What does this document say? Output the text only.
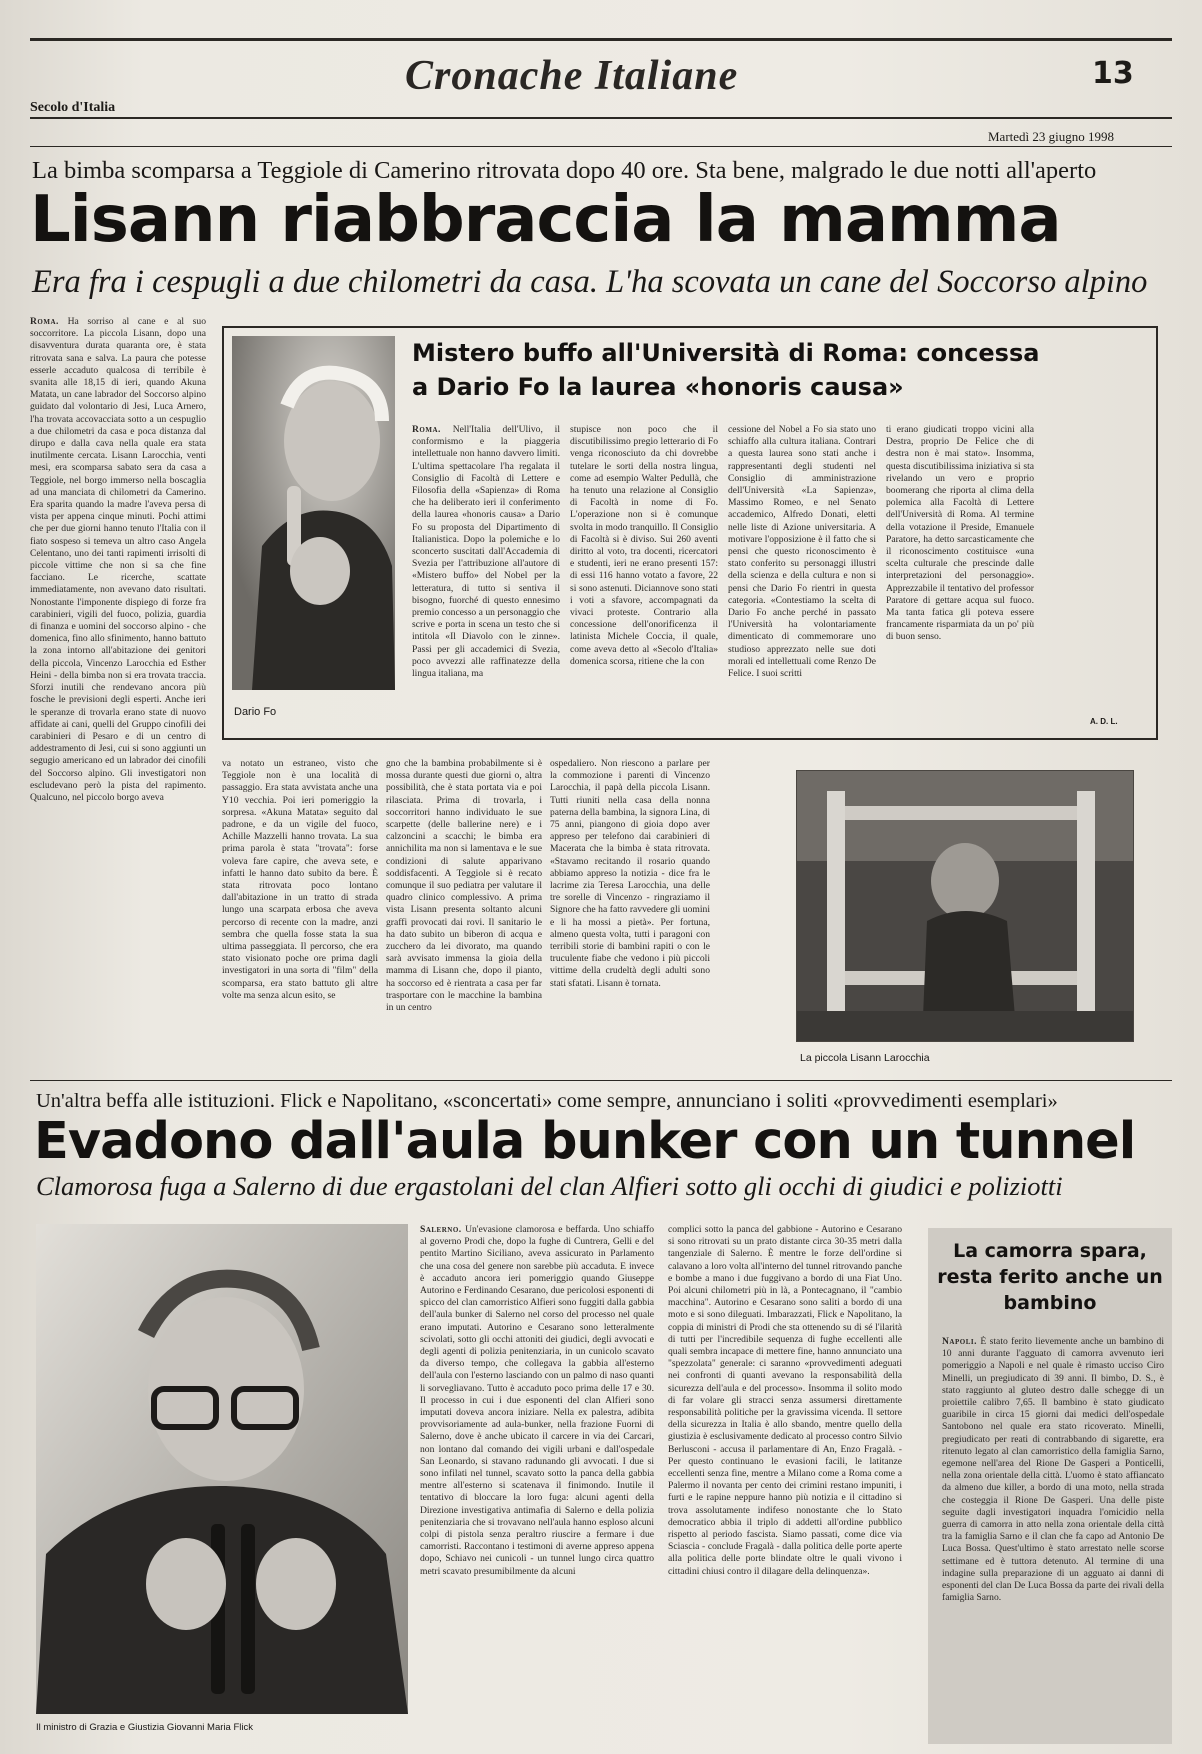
Cronache Italiane
Secolo d'Italia
13
Martedì 23 giugno 1998
La bimba scomparsa a Teggiole di Camerino ritrovata dopo 40 ore. Sta bene, malgrado le due notti all'aperto
Lisann riabbraccia la mamma
Era fra i cespugli a due chilometri da casa. L'ha scovata un cane del Soccorso alpino
Roma. Ha sorriso al cane e al suo soccorritore. La piccola Lisann, dopo una disavventura durata quaranta ore, è stata ritrovata sana e salva. La paura che potesse esserle accaduto qualcosa di terribile è svanita alle 18,15 di ieri, quando Akuna Matata, un cane labrador del Soccorso alpino guidato dal volontario di Jesi, Luca Arnero, l'ha trovata accovacciata sotto a un cespuglio a due chilometri da casa e poca distanza dal dirupo e dalla cava nella quale era stata inutilmente cercata. Lisann Larocchia, venti mesi, era scomparsa sabato sera da casa a Teggiole, nel borgo immerso nella boscaglia ad una manciata di chilometri da Camerino. Era sparita quando la madre l'aveva persa di vista per appena cinque minuti. Pochi attimi che per due giorni hanno tenuto l'Italia con il fiato sospeso si temeva un altro caso Angela Celentano, uno dei tanti rapimenti irrisolti di piccole vittime che non si sa che fine facciano. Le ricerche, scattate immediatamente, non avevano dato risultati. Nonostante l'imponente dispiego di forze fra carabinieri, vigili del fuoco, polizia, guardia di finanza e uomini del soccorso alpino - che domenica, fino allo sfinimento, hanno battuto la zona intorno all'abitazione dei genitori della piccola, Vincenzo Larocchia ed Esther Heini - della bimba non si era trovata traccia. Sforzi inutili che rendevano ancora più fosche le previsioni degli esperti. Anche ieri le speranze di trovarla erano state di nuovo affidate ai cani, quelli del Gruppo cinofili dei carabinieri di Pesaro e di un centro di addestramento di Jesi, cui si sono aggiunti un segugio americano ed un labrador dei cinofili del Soccorso alpino. Gli investigatori non escludevano però la pista del rapimento. Qualcuno, nel piccolo borgo aveva
Dario Fo
Mistero buffo all'Università di Roma: concessa a Dario Fo la laurea «honoris causa»
Roma. Nell'Italia dell'Ulivo, il conformismo e la piaggeria intellettuale non hanno davvero limiti. L'ultima spettacolare l'ha regalata il Consiglio di Facoltà di Lettere e Filosofia della «Sapienza» di Roma che ha deliberato ieri il conferimento della laurea «honoris causa» a Dario Fo su proposta del Dipartimento di Italianistica. Dopo la polemiche e lo sconcerto suscitati dall'Accademia di Svezia per l'attribuzione all'autore di «Mistero buffo» del Nobel per la letteratura, di tutto si sentiva il bisogno, fuorché di questo ennesimo premio concesso a un personaggio che scrive e porta in scena un testo che si intitola «Il Diavolo con le zinne». Passi per gli accademici di Svezia, poco avvezzi alle raffinatezze della lingua italiana, ma
stupisce non poco che il discutibilissimo pregio letterario di Fo venga riconosciuto da chi dovrebbe tutelare le sorti della nostra lingua, come ad esempio Walter Pedullà, che ha tenuto una relazione al Consiglio di Facoltà in nome di Fo. L'operazione non si è comunque svolta in modo tranquillo. Il Consiglio di Facoltà si è diviso. Sui 260 aventi diritto al voto, tra docenti, ricercatori e studenti, ieri ne erano presenti 157: di essi 116 hanno votato a favore, 22 si sono astenuti. Diciannove sono stati i voti a sfavore, accompagnati da vivaci proteste. Contrario alla concessione dell'onorificenza il latinista Michele Coccia, il quale, come aveva detto al «Secolo d'Italia» domenica scorsa, ritiene che la con
cessione del Nobel a Fo sia stato uno schiaffo alla cultura italiana. Contrari a questa laurea sono stati anche i rappresentanti degli studenti nel Consiglio di amministrazione dell'Università «La Sapienza», Massimo Romeo, e nel Senato accademico, Alfredo Donati, eletti nelle liste di Azione universitaria. A motivare l'opposizione è il fatto che si pensi che questo riconoscimento è stato conferito su personaggi illustri della scienza e della cultura e non si pensi che Dario Fo rientri in questa categoria. «Contestiamo la scelta di Dario Fo anche perché in passato l'Università ha volontariamente dimenticato di commemorare uno studioso apprezzato nelle sue doti morali ed intellettuali come Renzo De Felice. I suoi scritti
ti erano giudicati troppo vicini alla Destra, proprio De Felice che di destra non è mai stato». Insomma, questa discutibilissima iniziativa si sta rivelando un vero e proprio boomerang che riporta al clima della polemica alla Facoltà di Lettere dell'Università di Roma. Al termine della votazione il Preside, Emanuele Paratore, ha detto sarcasticamente che il riconoscimento costituisce «una scelta culturale che prescinde dalle interpretazioni del personaggio». Apprezzabile il tentativo del professor Paratore di gettare acqua sul fuoco. Ma tanta fatica gli poteva essere francamente risparmiata da un po' più di buon senso.
A. D. L.
va notato un estraneo, visto che Teggiole non è una località di passaggio. Era stata avvistata anche una Y10 vecchia. Poi ieri pomeriggio la sorpresa. «Akuna Matata» seguito dal padrone, e da un vigile del fuoco, Achille Mazzelli hanno trovata. La sua prima parola è stata "trovata": forse voleva fare capire, che aveva sete, e infatti le hanno dato subito da bere. È stata ritrovata poco lontano dall'abitazione in un tratto di strada lungo una scarpata erbosa che aveva percorso di recente con la madre, anzi sembra che quella fosse stata la sua ultima passeggiata. Il percorso, che era stato visionato poche ore prima dagli investigatori in una sorta di "film" della scomparsa, era stato battuto gli altre volte ma senza alcun esito, se
gno che la bambina probabilmente si è mossa durante questi due giorni o, altra possibilità, che è stata portata via e poi rilasciata. Prima di trovarla, i soccorritori hanno individuato le sue scarpette (delle ballerine nere) e i calzoncini a scacchi; le bimba era annichilita ma non si lamentava e le sue condizioni di salute apparivano soddisfacenti. A Teggiole si è recato comunque il suo pediatra per valutare il quadro clinico complessivo. A prima vista Lisann presenta soltanto alcuni graffi provocati dai rovi. Il sanitario le ha dato subito un biberon di acqua e zucchero da lei divorato, ma quando sarà avvisato immensa la gioia della mamma di Lisann che, dopo il pianto, ha soccorso ed è rientrata a casa per far trasportare con le macchine la bambina in un centro
ospedaliero. Non riescono a parlare per la commozione i parenti di Vincenzo Larocchia, il papà della piccola Lisann. Tutti riuniti nella casa della nonna paterna della bambina, la signora Lina, di 75 anni, piangono di gioia dopo aver appreso per telefono dai carabinieri di Macerata che la bimba è stata ritrovata. «Stavamo recitando il rosario quando abbiamo appreso la notizia - dice fra le lacrime zia Teresa Larocchia, una delle tre sorelle di Vincenzo - ringraziamo il Signore che ha fatto ravvedere gli uomini e li ha mossi a pietà». Per fortuna, almeno questa volta, tutti i paragoni con terribili storie di bambini rapiti o con le truculente fiabe che vedono i più piccoli vittime della crudeltà degli adulti sono stati sfatati. Lisann è tornata.
La piccola Lisann Larocchia
Un'altra beffa alle istituzioni. Flick e Napolitano, «sconcertati» come sempre, annunciano i soliti «provvedimenti esemplari»
Evadono dall'aula bunker con un tunnel
Clamorosa fuga a Salerno di due ergastolani del clan Alfieri sotto gli occhi di giudici e poliziotti
Il ministro di Grazia e Giustizia Giovanni Maria Flick
Salerno. Un'evasione clamorosa e beffarda. Uno schiaffo al governo Prodi che, dopo la fughe di Cuntrera, Gelli e del pentito Martino Siciliano, aveva assicurato in Parlamento che una cosa del genere non sarebbe più accaduta. E invece è accaduto ancora ieri pomeriggio quando Giuseppe Autorino e Ferdinando Cesarano, due pericolosi esponenti di spicco del clan camorristico Alfieri sono fuggiti dalla gabbia dell'aula bunker di Salerno nel corso del processo nel quale erano imputati. Autorino e Cesarano sono letteralmente scivolati, sotto gli occhi attoniti dei giudici, degli avvocati e degli agenti di polizia penitenziaria, in un cunicolo scavato da diverso tempo, che collegava la gabbia all'esterno dell'aula con l'esterno lasciando con un palmo di naso quanti li sorvegliavano. Tutto è accaduto poco prima delle 17 e 30. Il processo in cui i due esponenti del clan Alfieri sono imputati doveva ancora iniziare. Nella ex palestra, adibita provvisoriamente ad aula-bunker, nella frazione Fuorni di Salerno, dove è anche ubicato il carcere in via dei Carcari, non lontano dal comando dei vigili urbani e dall'ospedale San Leonardo, si stavano radunando gli avvocati. I due si sono infilati nel tunnel, scavato sotto la panca della gabbia mentre all'esterno si scatenava il finimondo. Inutile il tentativo di bloccare la loro fuga: alcuni agenti della Direzione investigativa antimafia di Salerno e della polizia penitenziaria che si trovavano nell'aula hanno esploso alcuni colpi di pistola senza peraltro riuscire a fermare i due camorristi. Raccontano i testimoni di averne appreso appena dopo, Schiavo nei cunicoli - un tunnel lungo circa quattro metri scavato presumibilmente da alcuni
complici sotto la panca del gabbione - Autorino e Cesarano si sono ritrovati su un prato distante circa 30-35 metri dalla tangenziale di Salerno. È mentre le forze dell'ordine si calavano a loro volta all'interno del tunnel ritrovando panche e bombe a mano i due fuggivano a bordo di una Fiat Uno. Poi alcuni chilometri più in là, a Pontecagnano, il "cambio macchina". Autorino e Cesarano sono saliti a bordo di una moto e si sono dileguati. Imbarazzati, Flick e Napolitano, la coppia di ministri di Prodi che sta ottenendo su di sé l'ilarità di tutti per l'incredibile sequenza di fughe eccellenti alle quali sembra incapace di mettere fine, hanno annunciato una "spezzolata" generale: ci saranno «provvedimenti adeguati nei confronti di quanti avevano la responsabilità della sicurezza dell'aula e del processo». Insomma il solito modo di far volare gli stracci senza assumersi direttamente responsabilità politiche per la gravissima vicenda. Il settore della sicurezza in Italia è allo sbando, mentre quello della giustizia è esclusivamente dedicato al processo contro Silvio Berlusconi - accusa il parlamentare di An, Enzo Fragalà. - Per questo continuano le evasioni facili, le latitanze eccellenti senza fine, mentre a Milano come a Roma come a Palermo il novanta per cento dei crimini restano impuniti, i furti e le rapine neppure hanno più notizia e il cittadino si trova assolutamente indifeso nonostante che lo Stato democratico abbia il triplo di addetti all'ordine pubblico rispetto al periodo fascista. Siamo passati, come dice via Sciascia - conclude Fragalà - dalla politica delle porte aperte alla politica delle porte blindate oltre le quali vivono i cittadini chiusi contro il dilagare della delinquenza».
La camorra spara, resta ferito anche un bambino
Napoli. È stato ferito lievemente anche un bambino di 10 anni durante l'agguato di camorra avvenuto ieri pomeriggio a Napoli e nel quale è rimasto ucciso Ciro Minelli, un pregiudicato di 39 anni. Il bimbo, D. S., è stato raggiunto al gluteo destro dalle schegge di un proiettile calibro 7,65. Il bambino è stato giudicato guaribile in circa 15 giorni dai medici dell'ospedale Santobono nel quale era stato ricoverato. Minelli, pregiudicato per reati di contrabbando di sigarette, era ritenuto legato al clan camorristico della famiglia Sarno, egemone nell'area del Rione De Gasperi a Ponticelli, nella zona orientale della città. L'uomo è stato affiancato da almeno due killer, a bordo di una moto, nella strada che costeggia il Rione De Gasperi. Una delle piste seguite dagli investigatori inquadra l'omicidio nella guerra di camorra in atto nella zona orientale della città tra la famiglia Sarno e il clan che fa capo ad Antonio De Luca Bossa. Quest'ultimo è stato arrestato nelle scorse settimane ed è tuttora detenuto. Al termine di una indagine sulla preparazione di un agguato ai danni di esponenti del clan De Luca Bossa da parte dei rivali della famiglia Sarno.
